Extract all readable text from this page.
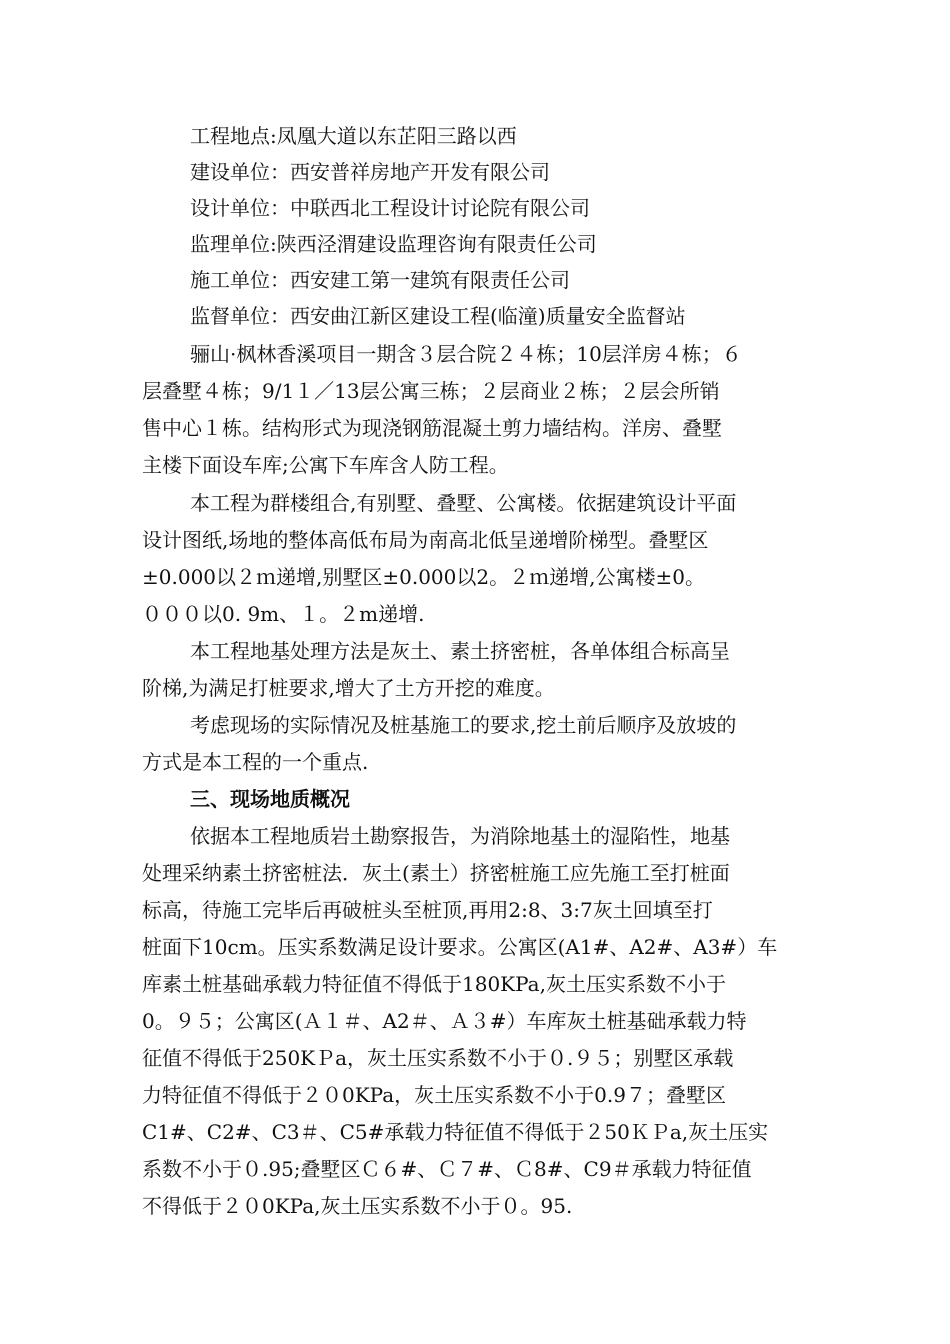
工程地点:凤凰大道以东芷阳三路以西
建设单位：西安普祥房地产开发有限公司
设计单位：中联西北工程设计讨论院有限公司
监理单位:陕西泾渭建设监理咨询有限责任公司
施工单位：西安建工第一建筑有限责任公司
监督单位：西安曲江新区建设工程(临潼)质量安全监督站
骊山·枫林香溪项目一期含３层合院２４栋；10层洋房４栋；６
层叠墅４栋；9/1１／13层公寓三栋；２层商业２栋；２层会所销
售中心１栋。结构形式为现浇钢筋混凝土剪力墙结构。洋房、叠墅
主楼下面设车库;公寓下车库含人防工程。
本工程为群楼组合,有别墅、叠墅、公寓楼。依据建筑设计平面
设计图纸,场地的整体高低布局为南高北低呈递增阶梯型。叠墅区
±0.000以２ｍ递增,别墅区±0.000以2。２ｍ递增,公寓楼±0。
０００以0. 9m、１。２m递增.
本工程地基处理方法是灰土、素土挤密桩，各单体组合标高呈
阶梯,为满足打桩要求,增大了土方开挖的难度。
考虑现场的实际情况及桩基施工的要求,挖土前后顺序及放坡的
方式是本工程的一个重点.
三、现场地质概况
依据本工程地质岩土勘察报告，为消除地基土的湿陷性，地基
处理采纳素土挤密桩法．灰土(素土）挤密桩施工应先施工至打桩面
标高，待施工完毕后再破桩头至桩顶,再用2:8、3:7灰土回填至打
桩面下10cm。压实系数满足设计要求。公寓区(A1#、A2#、A3#）车
库素土桩基础承载力特征值不得低于180KPa,灰土压实系数不小于
0。９５；公寓区(Ａ１＃、A2＃、Ａ３#）车库灰土桩基础承载力特
征值不得低于250KＰa，灰土压实系数不小于０.９５；别墅区承载
力特征值不得低于２０0KPa，灰土压实系数不小于0.9７；叠墅区
C1#、C2#、C3＃、C5#承载力特征值不得低于２50ＫＰa,灰土压实
系数不小于０.95;叠墅区Ｃ６#、Ｃ７#、Ｃ8#、C9＃承载力特征值
不得低于２０0KPa,灰土压实系数不小于０。95.
